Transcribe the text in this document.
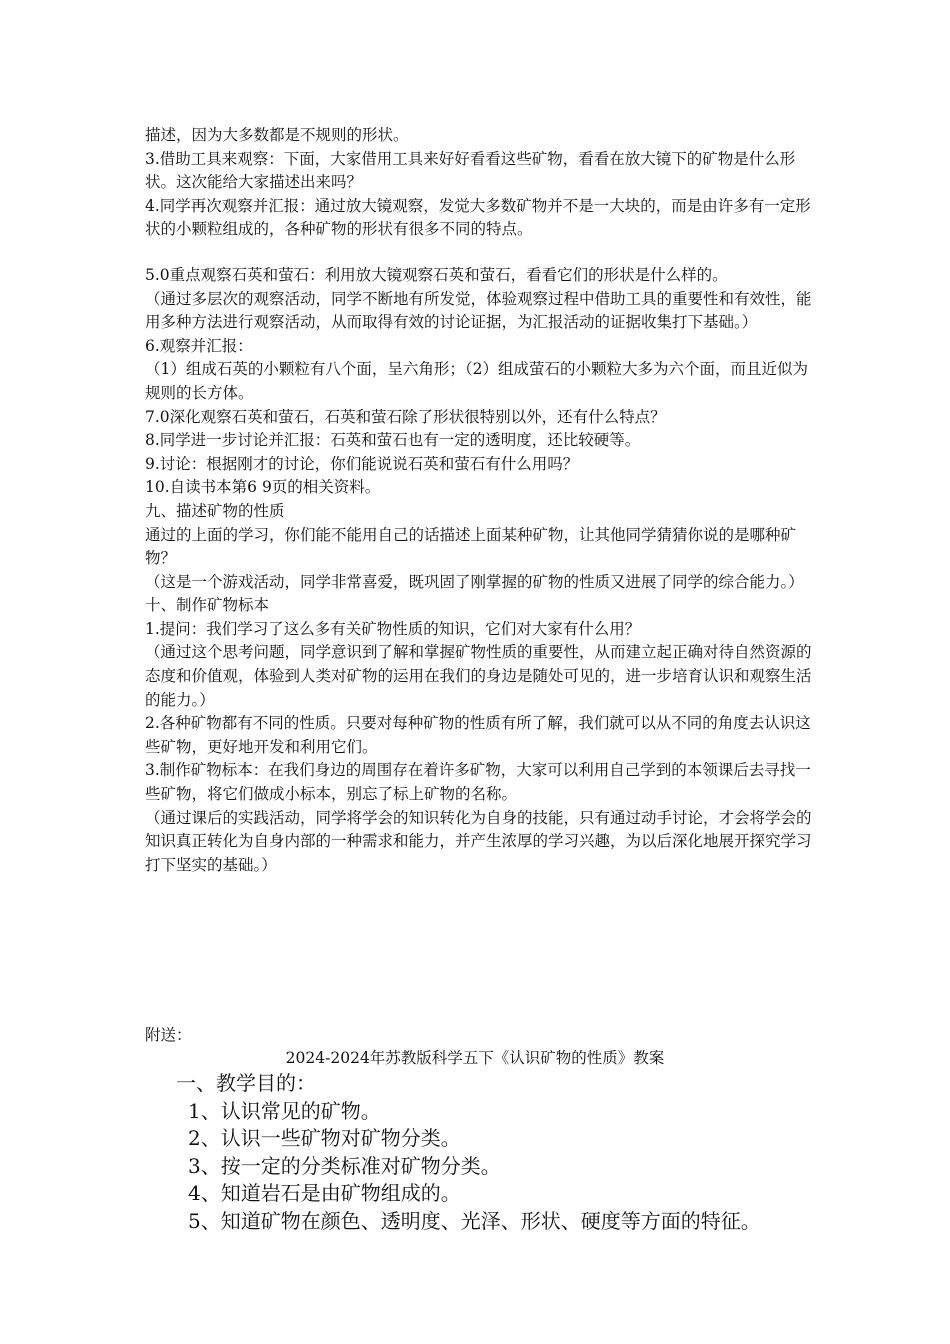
描述，因为大多数都是不规则的形状。

3.借助工具来观察：下面，大家借用工具来好好看看这些矿物，看看在放大镜下的矿物是什么形状。这次能给大家描述出来吗？

4.同学再次观察并汇报：通过放大镜观察，发觉大多数矿物并不是一大块的，而是由许多有一定形状的小颗粒组成的，各种矿物的形状有很多不同的特点。

5.0重点观察石英和萤石：利用放大镜观察石英和萤石，看看它们的形状是什么样的。

（通过多层次的观察活动，同学不断地有所发觉，体验观察过程中借助工具的重要性和有效性，能用多种方法进行观察活动，从而取得有效的讨论证据，为汇报活动的证据收集打下基础。）

6.观察并汇报：

（1）组成石英的小颗粒有八个面，呈六角形；（2）组成萤石的小颗粒大多为六个面，而且近似为规则的长方体。

7.0深化观察石英和萤石，石英和萤石除了形状很特别以外，还有什么特点？

8.同学进一步讨论并汇报：石英和萤石也有一定的透明度，还比较硬等。

9.讨论：根据刚才的讨论，你们能说说石英和萤石有什么用吗？

10.自读书本第6 9页的相关资料。

九、描述矿物的性质

通过的上面的学习，你们能不能用自己的话描述上面某种矿物，让其他同学猜猜你说的是哪种矿物？

（这是一个游戏活动，同学非常喜爱，既巩固了刚掌握的矿物的性质又进展了同学的综合能力。）

十、制作矿物标本

1.提问：我们学习了这么多有关矿物性质的知识，它们对大家有什么用？

（通过这个思考问题，同学意识到了解和掌握矿物性质的重要性，从而建立起正确对待自然资源的态度和价值观，体验到人类对矿物的运用在我们的身边是随处可见的，进一步培育认识和观察生活的能力。）

2.各种矿物都有不同的性质。只要对每种矿物的性质有所了解，我们就可以从不同的角度去认识这些矿物，更好地开发和利用它们。

3.制作矿物标本：在我们身边的周围存在着许多矿物，大家可以利用自己学到的本领课后去寻找一些矿物，将它们做成小标本，别忘了标上矿物的名称。

（通过课后的实践活动，同学将学会的知识转化为自身的技能，只有通过动手讨论，才会将学会的知识真正转化为自身内部的一种需求和能力，并产生浓厚的学习兴趣，为以后深化地展开探究学习打下坚实的基础。）

附送：
2024-2024年苏教版科学五下《认识矿物的性质》教案

一、教学目的：

1、认识常见的矿物。

2、认识一些矿物对矿物分类。

3、按一定的分类标准对矿物分类。

4、知道岩石是由矿物组成的。

5、知道矿物在颜色、透明度、光泽、形状、硬度等方面的特征。
